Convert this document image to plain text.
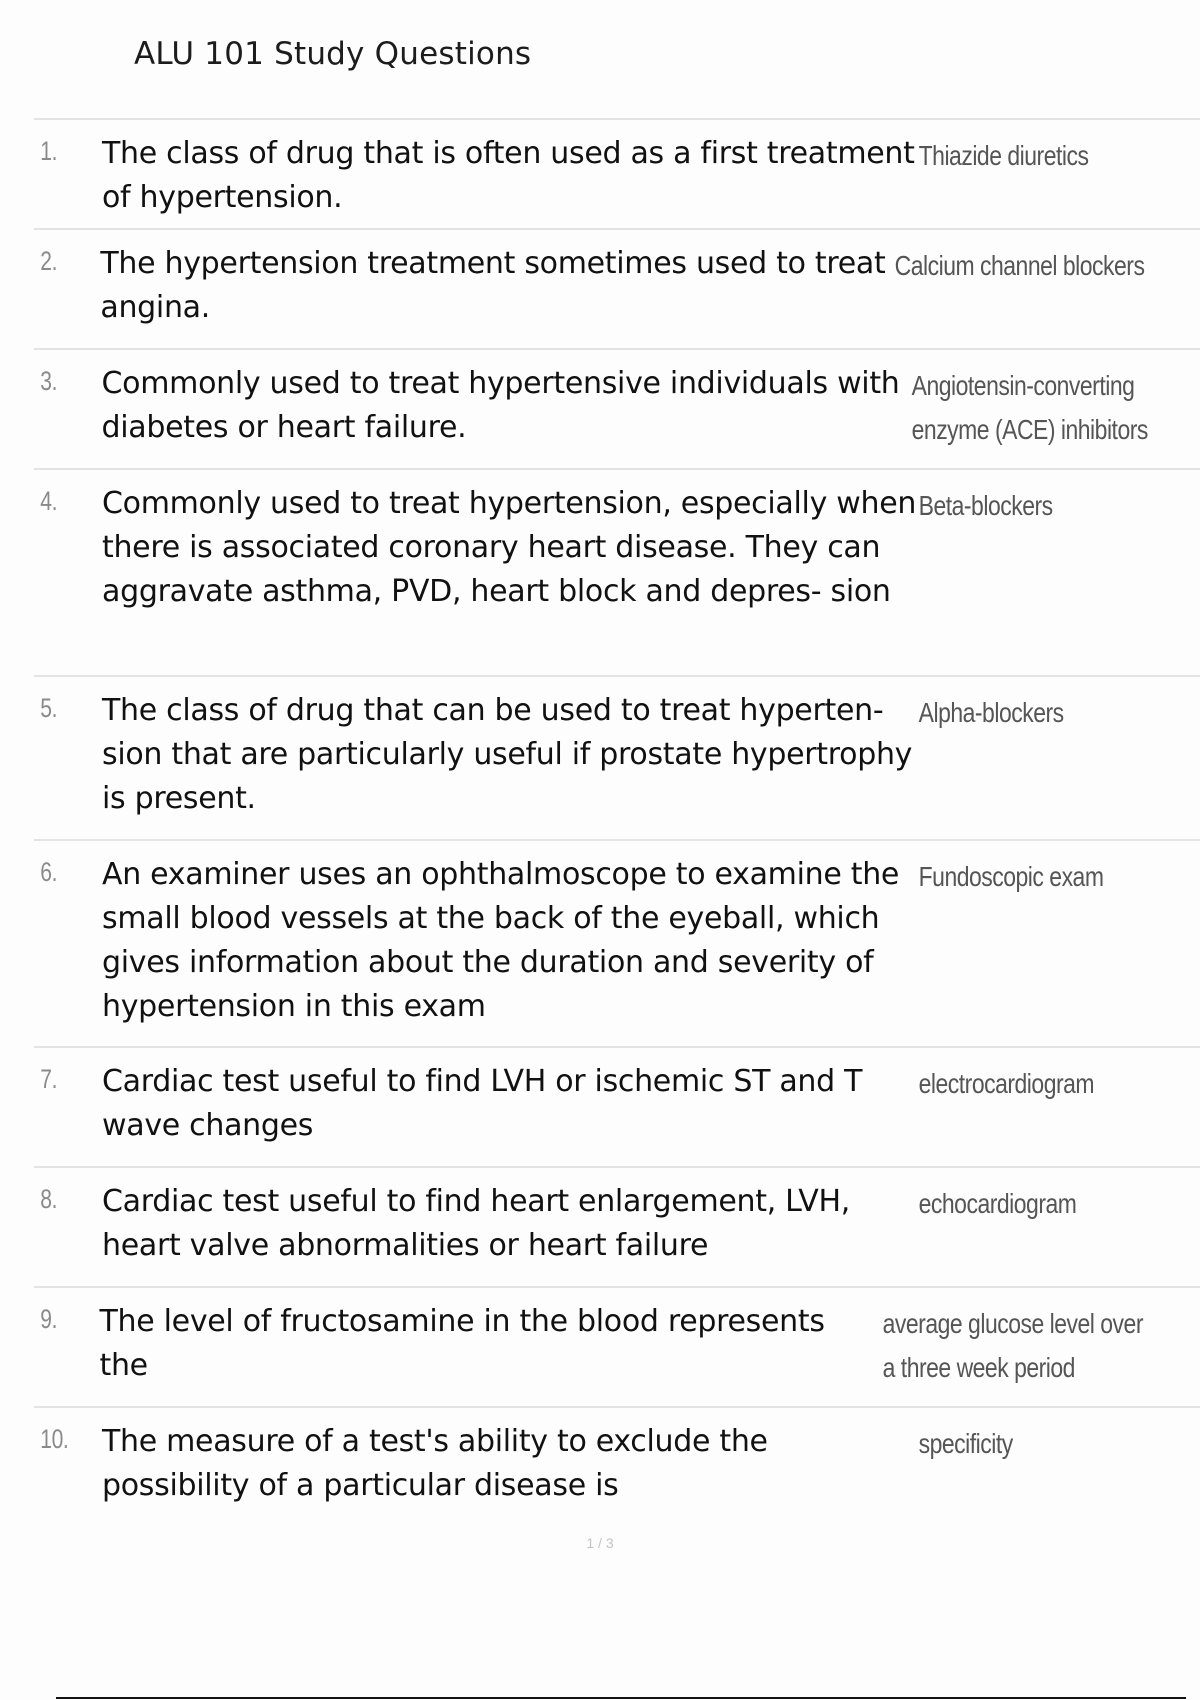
ALU 101 Study Questions
1.	The class of drug that is often used as a first treatment of hypertension.
Thiazide diuretics
2.	The hypertension treatment sometimes used to treat angina.
Calcium channel blockers
3.	Commonly used to treat hypertensive individuals with diabetes or heart failure.
Angiotensin-converting
enzyme (ACE) inhibitors
4.	Commonly used to treat hypertension, especially when there is associated coronary heart disease. They can aggravate asthma, PVD, heart block and depres- sion
Beta-blockers
5.	The class of drug that can be used to treat hyperten- sion that are particularly useful if prostate hypertrophy is present.
Alpha-blockers
6.	An examiner uses an ophthalmoscope to examine the small blood vessels at the back of the eyeball, which gives information about the duration and severity of hypertension in this exam
Fundoscopic exam
7.	Cardiac test useful to find LVH or ischemic ST and T wave changes
electrocardiogram
8.	Cardiac test useful to find heart enlargement, LVH, heart valve abnormalities or heart failure
echocardiogram
9.	The level of fructosamine in the blood represents the
average glucose level over
a three week period
10.	The measure of a test's ability to exclude the possibility of a particular disease is
specificity
1 / 3
